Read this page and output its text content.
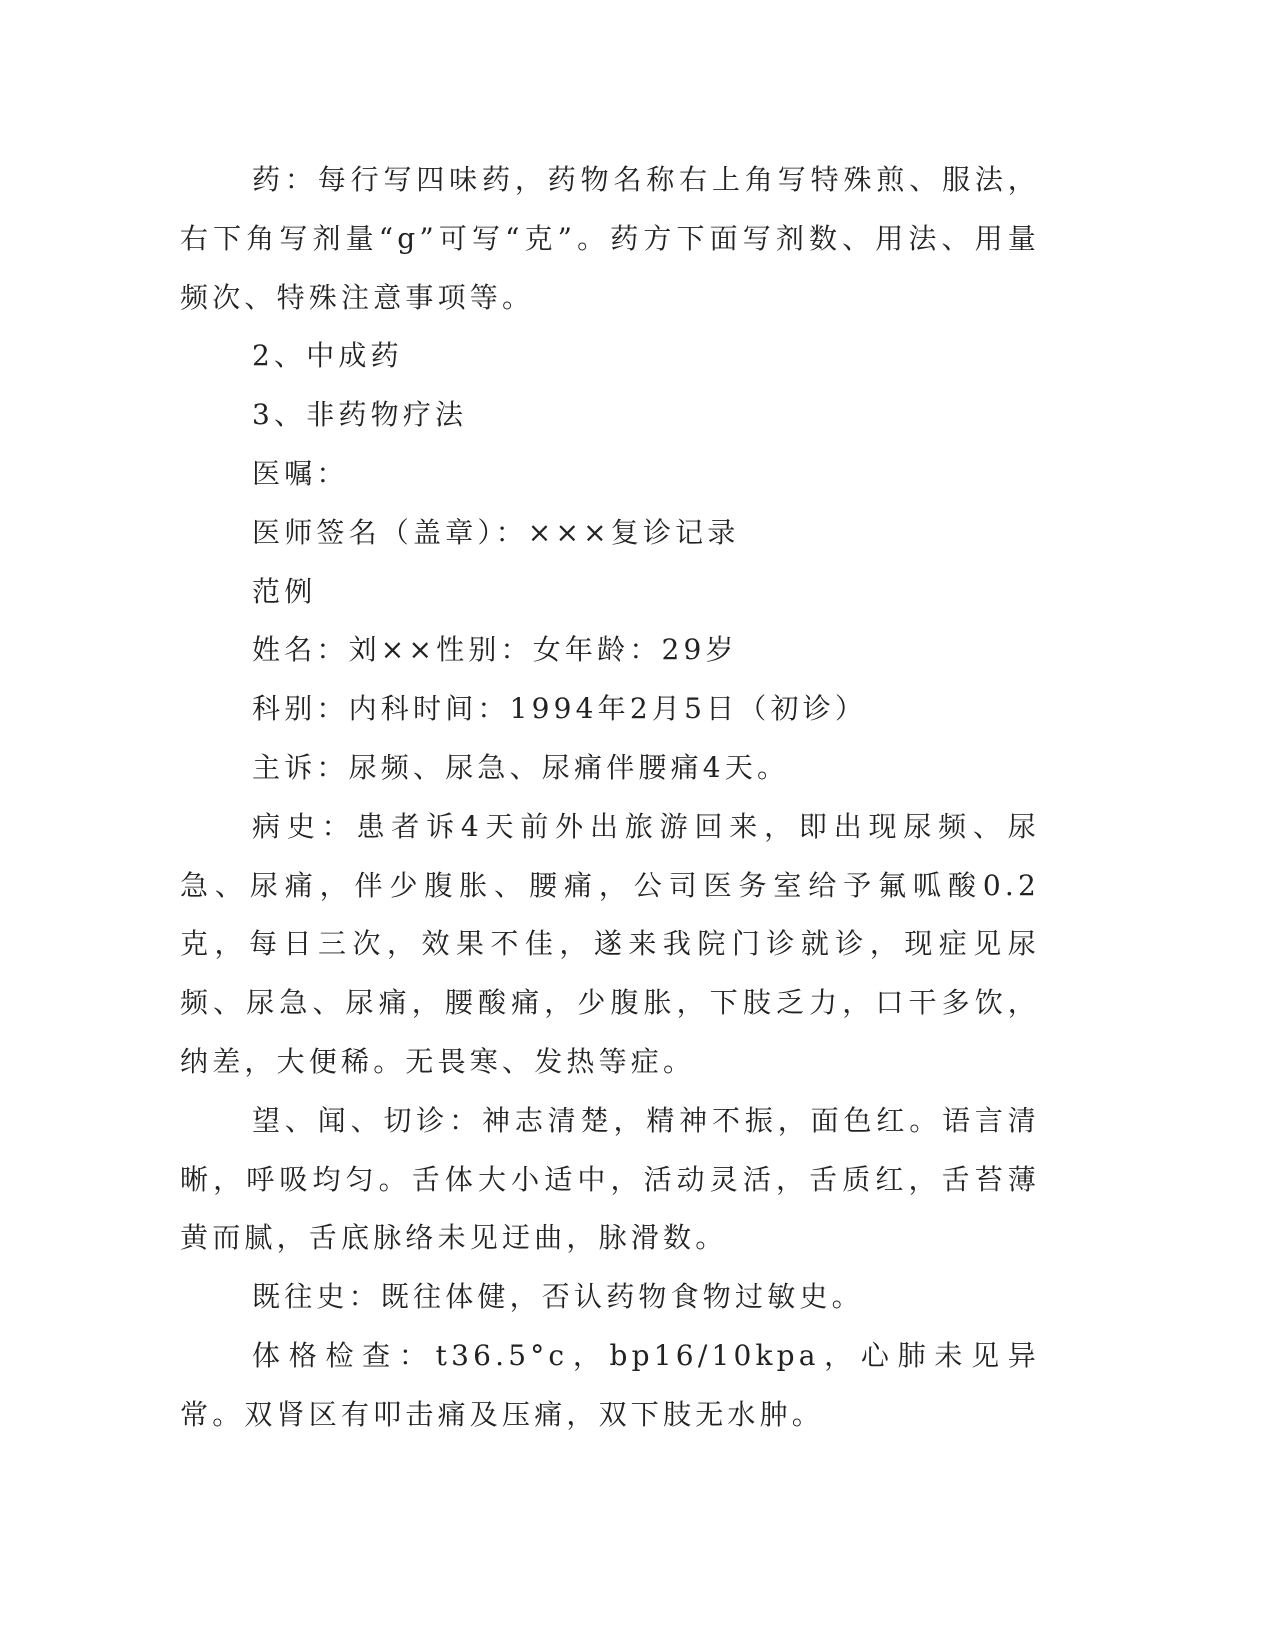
药：每行写四味药，药物名称右上角写特殊煎、服法，右下角写剂量“g”可写“克”。药方下面写剂数、用法、用量频次、特殊注意事项等。

2、中成药

3、非药物疗法

医嘱：

医师签名（盖章）：×××复诊记录

范例

姓名：刘××性别：女年龄：29岁

科别：内科时间：1994年2月5日（初诊）

主诉：尿频、尿急、尿痛伴腰痛4天。

病史：患者诉4天前外出旅游回来，即出现尿频、尿急、尿痛，伴少腹胀、腰痛，公司医务室给予氟呱酸0.2克，每日三次，效果不佳，遂来我院门诊就诊，现症见尿频、尿急、尿痛，腰酸痛，少腹胀，下肢乏力，口干多饮，纳差，大便稀。无畏寒、发热等症。

望、闻、切诊：神志清楚，精神不振，面色红。语言清晰，呼吸均匀。舌体大小适中，活动灵活，舌质红，舌苔薄黄而腻，舌底脉络未见迂曲，脉滑数。

既往史：既往体健，否认药物食物过敏史。

体格检查：t36.5°c，bp16/10kpa，心肺未见异常。双肾区有叩击痛及压痛，双下肢无水肿。
